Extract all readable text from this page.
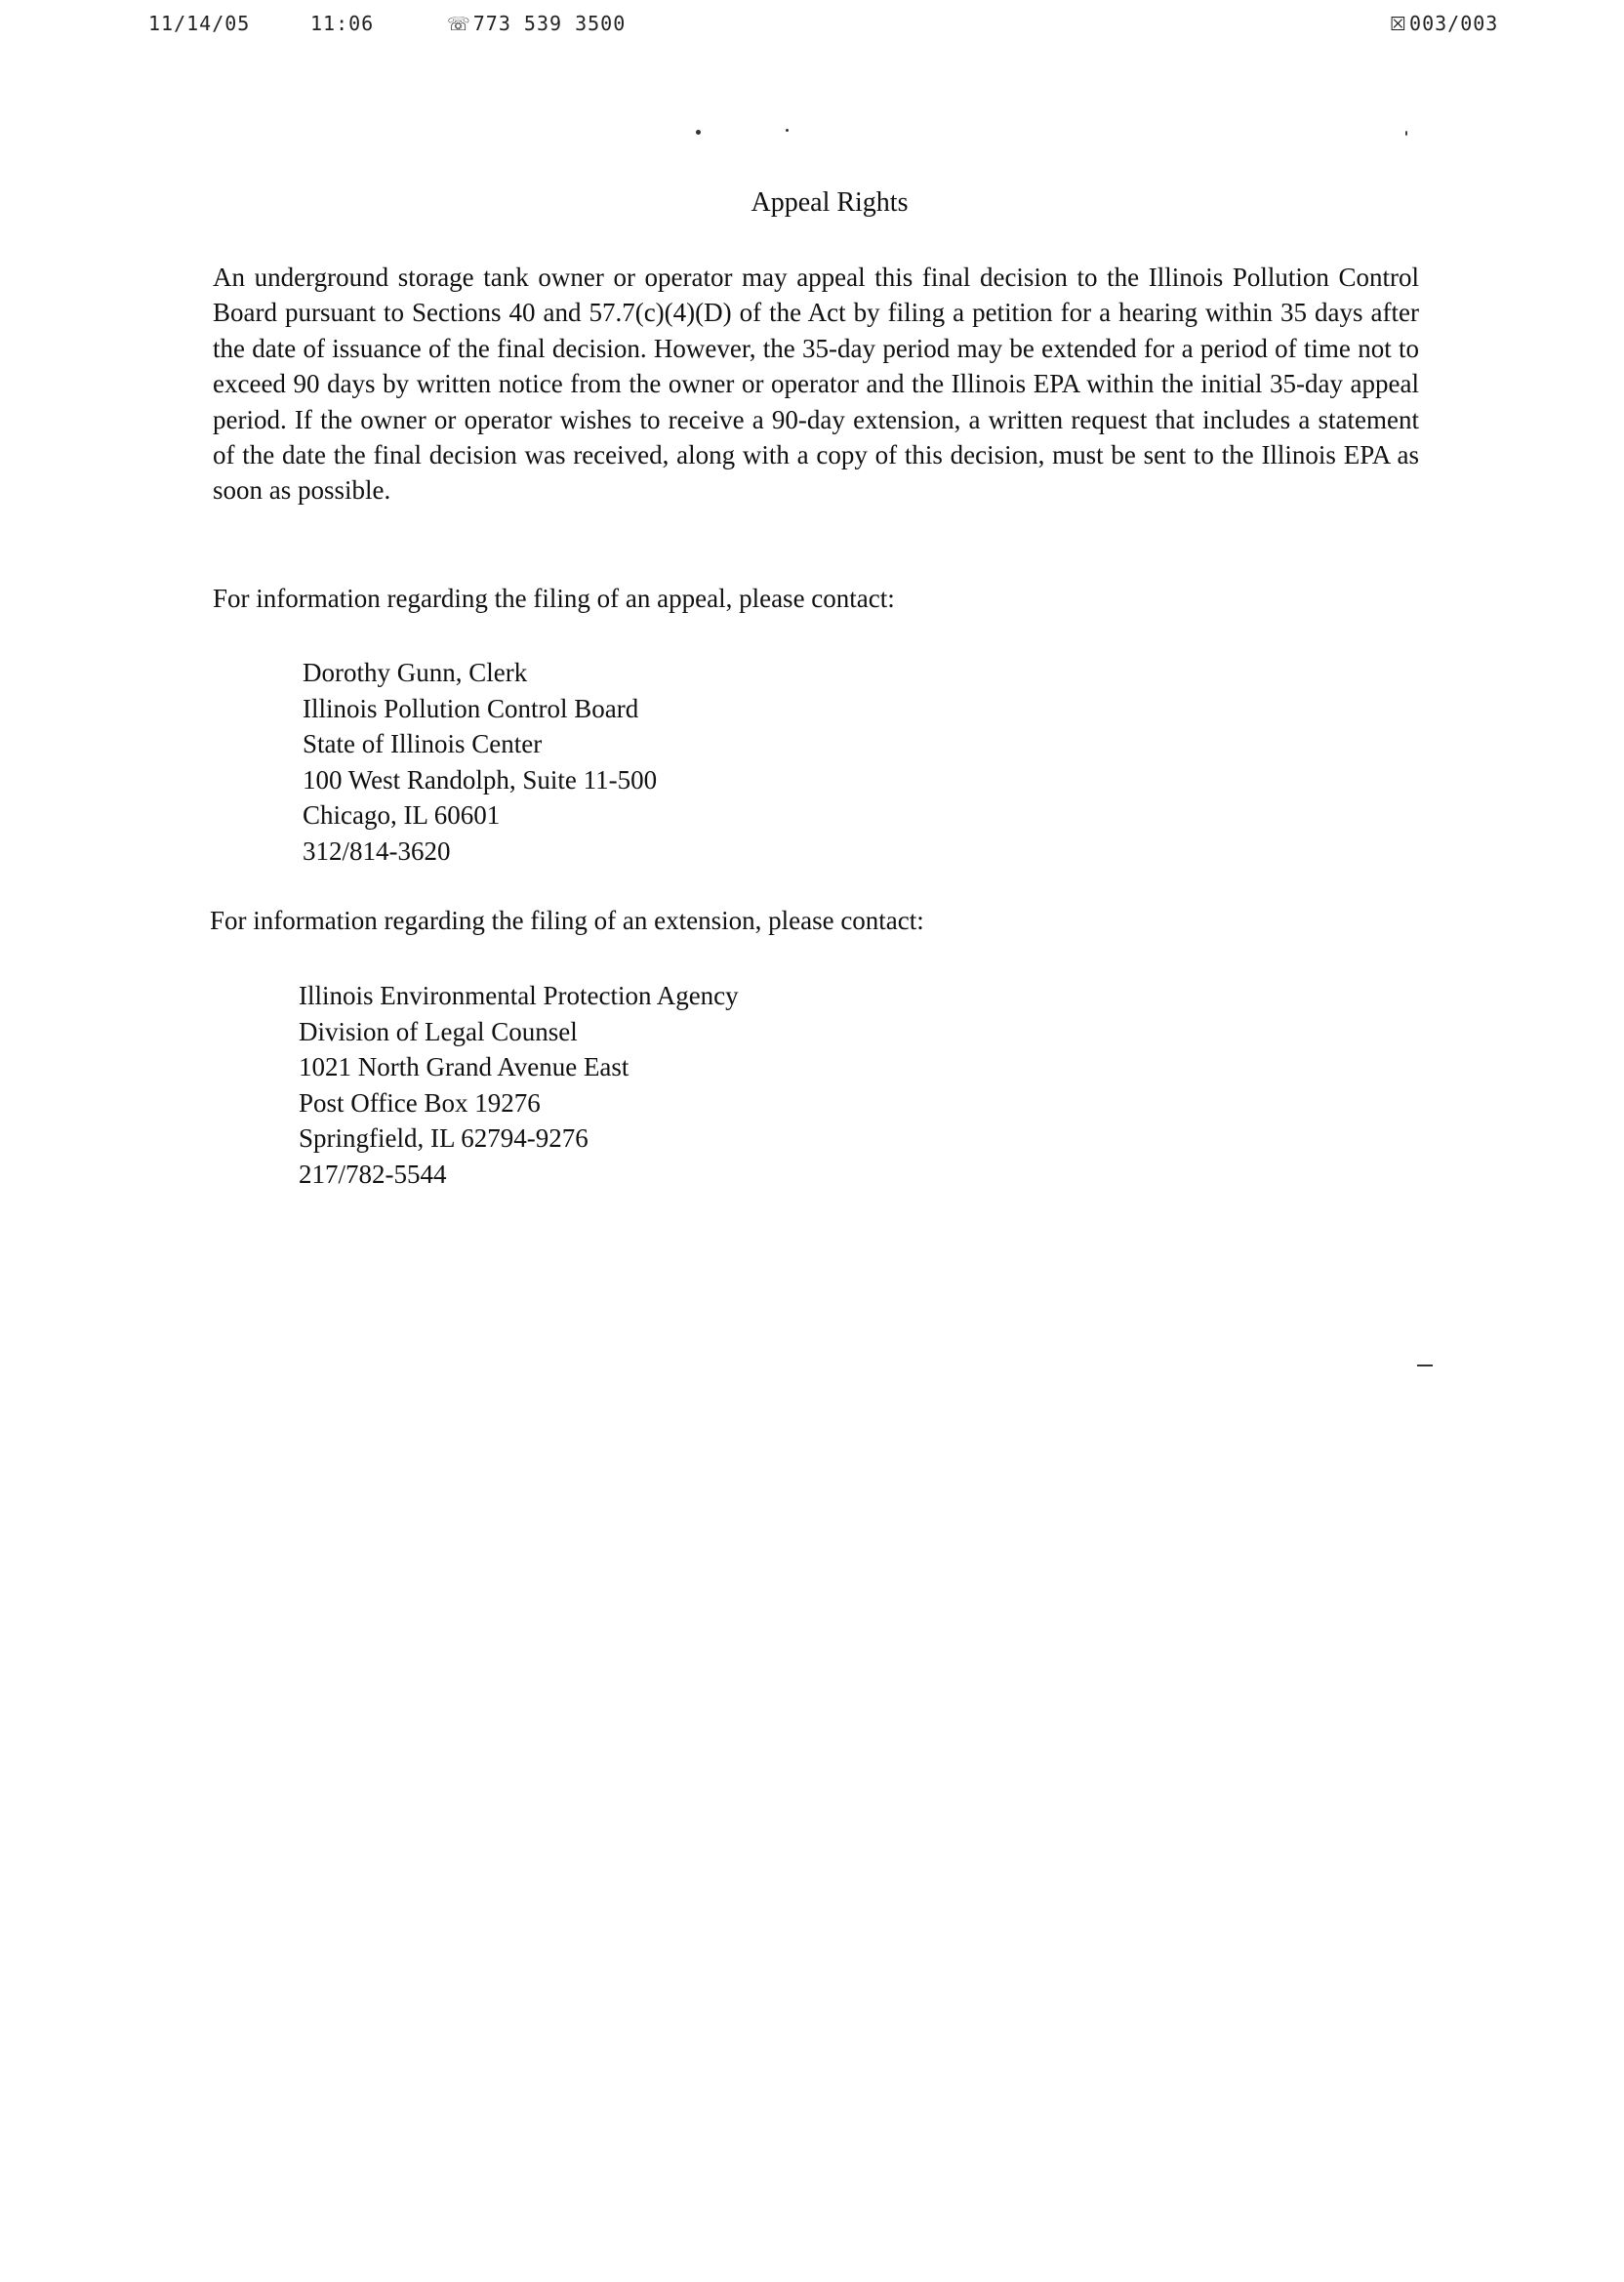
11/14/05	11:06	☏ 773 539 3500	☒ 003/003
Appeal Rights
An underground storage tank owner or operator may appeal this final decision to the Illinois Pollution Control Board pursuant to Sections 40 and 57.7(c)(4)(D) of the Act by filing a petition for a hearing within 35 days after the date of issuance of the final decision. However, the 35-day period may be extended for a period of time not to exceed 90 days by written notice from the owner or operator and the Illinois EPA within the initial 35-day appeal period. If the owner or operator wishes to receive a 90-day extension, a written request that includes a statement of the date the final decision was received, along with a copy of this decision, must be sent to the Illinois EPA as soon as possible.
For information regarding the filing of an appeal, please contact:
Dorothy Gunn, Clerk
Illinois Pollution Control Board
State of Illinois Center
100 West Randolph, Suite 11-500
Chicago, IL 60601
312/814-3620
For information regarding the filing of an extension, please contact:
Illinois Environmental Protection Agency
Division of Legal Counsel
1021 North Grand Avenue East
Post Office Box 19276
Springfield, IL 62794-9276
217/782-5544
